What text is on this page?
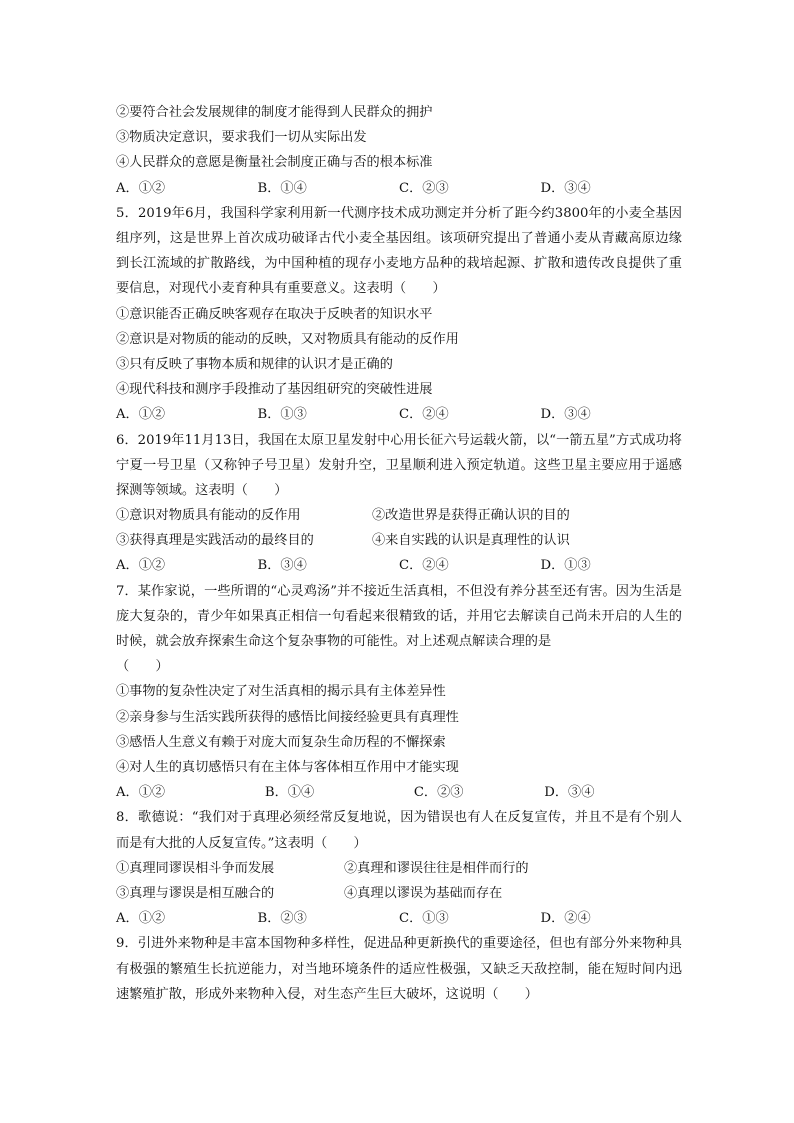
②要符合社会发展规律的制度才能得到人民群众的拥护
③物质决定意识，要求我们一切从实际出发
④人民群众的意愿是衡量社会制度正确与否的根本标准
A．①②	B．①④	C．②③	D．③④
5．2019年6月，我国科学家利用新一代测序技术成功测定并分析了距今约3800年的小麦全基因组序列，这是世界上首次成功破译古代小麦全基因组。该项研究提出了普通小麦从青藏高原边缘到长江流域的扩散路线，为中国种植的现存小麦地方品种的栽培起源、扩散和遗传改良提供了重要信息，对现代小麦育种具有重要意义。这表明（　　）
①意识能否正确反映客观存在取决于反映者的知识水平
②意识是对物质的能动的反映，又对物质具有能动的反作用
③只有反映了事物本质和规律的认识才是正确的
④现代科技和测序手段推动了基因组研究的突破性进展
A．①②	B．①③	C．②④	D．③④
6．2019年11月13日，我国在太原卫星发射中心用长征六号运载火箭，以“一箭五星”方式成功将宁夏一号卫星（又称钟子号卫星）发射升空，卫星顺利进入预定轨道。这些卫星主要应用于遥感探测等领域。这表明（　　）
①意识对物质具有能动的反作用	②改造世界是获得正确认识的目的
③获得真理是实践活动的最终目的	④来自实践的认识是真理性的认识
A．①②	B．③④	C．②④	D．①③
7．某作家说，一些所谓的“心灵鸡汤”并不接近生活真相，不但没有养分甚至还有害。因为生活是庞大复杂的，青少年如果真正相信一句看起来很精致的话，并用它去解读自己尚未开启的人生的时候，就会放弃探索生命这个复杂事物的可能性。对上述观点解读合理的是
（　　）
①事物的复杂性决定了对生活真相的揭示具有主体差异性
②亲身参与生活实践所获得的感悟比间接经验更具有真理性
③感悟人生意义有赖于对庞大而复杂生命历程的不懈探索
④对人生的真切感悟只有在主体与客体相互作用中才能实现
A．①②	B．①④	C．②③	D．③④
8．歌德说：“我们对于真理必须经常反复地说，因为错误也有人在反复宣传，并且不是有个别人而是有大批的人反复宣传。”这表明（　　）
①真理同谬误相斗争而发展	②真理和谬误往往是相伴而行的
③真理与谬误是相互融合的	④真理以谬误为基础而存在
A．①②	B．②③	C．①③	D．②④
9．引进外来物种是丰富本国物种多样性，促进品种更新换代的重要途径，但也有部分外来物种具有极强的繁殖生长抗逆能力，对当地环境条件的适应性极强，又缺乏天敌控制，能在短时间内迅速繁殖扩散，形成外来物种入侵，对生态产生巨大破坏，这说明（　　）
